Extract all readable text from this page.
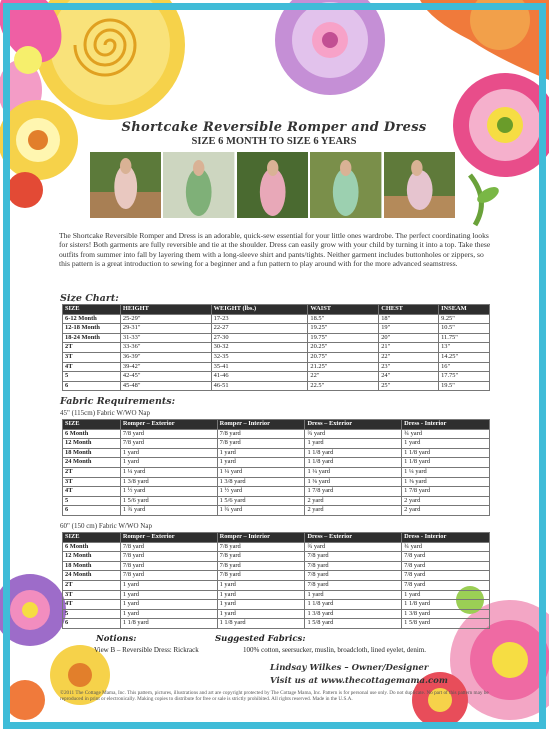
Shortcake Reversible Romper and Dress
SIZE 6 MONTH TO SIZE 6 YEARS
The Shortcake Reversible Romper and Dress is an adorable, quick-sew essential for your little ones wardrobe. The perfect coordinating looks for sisters! Both garments are fully reversible and tie at the shoulder. Dress can easily grow with your child by turning it into a top. Take these outfits from summer into fall by layering them with a long-sleeve shirt and pants/tights. Neither garment includes buttonholes or zippers, so this pattern is a great introduction to sewing for a beginner and a fun pattern to play around with for the more advanced seamstress.
Size Chart:
SIZE	HEIGHT	WEIGHT (lbs.)	WAIST	CHEST	INSEAM
6-12 Month	25-29"	17-23	18.5"	18"	9.25"
12-18 Month	29-31"	22-27	19.25"	19"	10.5"
18-24 Month	31-33"	27-30	19.75"	20"	11.75"
2T	33-36"	30-32	20.25"	21"	13"
3T	36-39"	32-35	20.75"	22"	14.25"
4T	39-42"	35-41	21.25"	23"	16"
5	42-45"	41-46	22"	24"	17.75"
6	45-48"	46-51	22.5"	25"	19.5"
Fabric Requirements:
45" (115cm) Fabric W/WO Nap
SIZE	Romper – Exterior	Romper – Interior	Dress – Exterior	Dress - Interior
6 Month	7/8 yard	7/8 yard	¾ yard	¾ yard
12 Month	7/8 yard	7/8 yard	1 yard	1 yard
18 Month	1 yard	1 yard	1 1/8 yard	1 1/8 yard
24 Month	1 yard	1 yard	1 1/8 yard	1 1/8 yard
2T	1 ¼ yard	1 ¼ yard	1 ¼ yard	1 ¼ yard
3T	1 3/8 yard	1 3/8 yard	1 ⅜ yard	1 ⅜ yard
4T	1 ½ yard	1 ½ yard	1 7/8 yard	1 7/8 yard
5	1 5/6 yard	1 5/6 yard	2 yard	2 yard
6	1 ¾ yard	1 ¾ yard	2 yard	2 yard
60" (150 cm) Fabric W/WO Nap
SIZE	Romper – Exterior	Romper – Interior	Dress – Exterior	Dress - Interior
6 Month	7/8 yard	7/8 yard	¾ yard	¾ yard
12 Month	7/8 yard	7/8 yard	7/8 yard	7/8 yard
18 Month	7/8 yard	7/8 yard	7/8 yard	7/8 yard
24 Month	7/8 yard	7/8 yard	7/8 yard	7/8 yard
2T	1 yard	1 yard	7/8 yard	7/8 yard
3T	1 yard	1 yard	1 yard	1 yard
4T	1 yard	1 yard	1 1/8 yard	1 1/8 yard
5	1 yard	1 yard	1 3/8 yard	1 3/8 yard
6	1 1/8 yard	1 1/8 yard	1 5/8 yard	1 5/8 yard
Notions:
View B – Reversible Dress: Rickrack
Suggested Fabrics:
100% cotton, seersucker, muslin, broadcloth, lined eyelet, denim.
Lindsay Wilkes – Owner/Designer
Visit us at www.thecottagemama.com
©2011 The Cottage Mama, Inc. This pattern, pictures, illustrations and art are copyright protected by The Cottage Mama, Inc. Pattern is for personal use only. Do not duplicate. No part of this pattern may be reproduced in print or electronically. Making copies to distribute for free or sale is strictly prohibited. All rights reserved. Made in the U.S.A.
